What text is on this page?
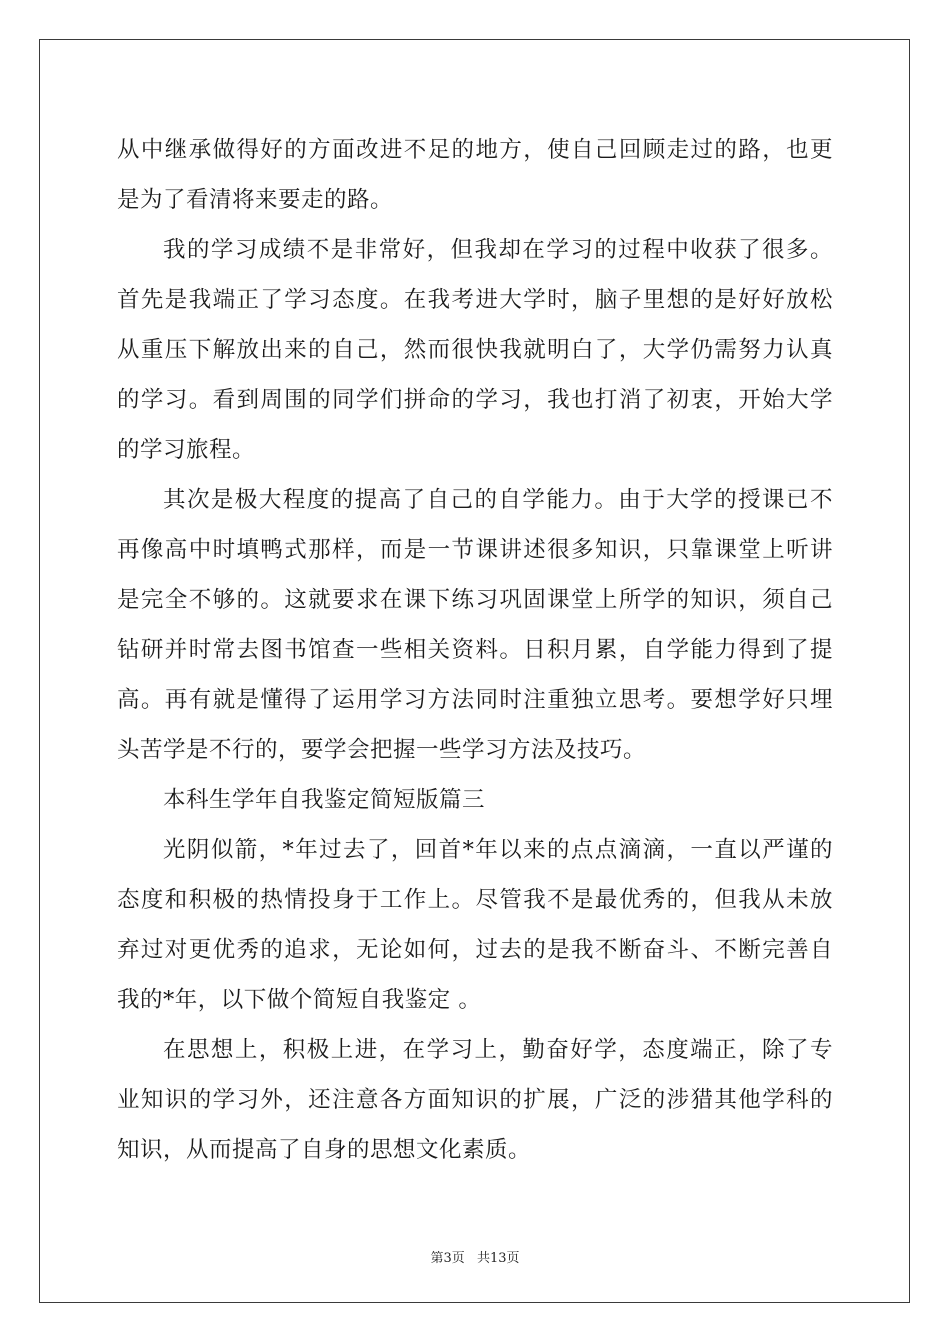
从中继承做得好的方面改进不足的地方，使自己回顾走过的路，也更
是为了看清将来要走的路。
我的学习成绩不是非常好，但我却在学习的过程中收获了很多。
首先是我端正了学习态度。在我考进大学时，脑子里想的是好好放松
从重压下解放出来的自己，然而很快我就明白了，大学仍需努力认真
的学习。看到周围的同学们拼命的学习，我也打消了初衷，开始大学
的学习旅程。
其次是极大程度的提高了自己的自学能力。由于大学的授课已不
再像高中时填鸭式那样，而是一节课讲述很多知识，只靠课堂上听讲
是完全不够的。这就要求在课下练习巩固课堂上所学的知识，须自己
钻研并时常去图书馆查一些相关资料。日积月累，自学能力得到了提
高。再有就是懂得了运用学习方法同时注重独立思考。要想学好只埋
头苦学是不行的，要学会把握一些学习方法及技巧。
本科生学年自我鉴定简短版篇三
光阴似箭，*年过去了，回首*年以来的点点滴滴，一直以严谨的
态度和积极的热情投身于工作上。尽管我不是最优秀的，但我从未放
弃过对更优秀的追求，无论如何，过去的是我不断奋斗、不断完善自
我的*年，以下做个简短自我鉴定 。
在思想上，积极上进，在学习上，勤奋好学，态度端正，除了专
业知识的学习外，还注意各方面知识的扩展，广泛的涉猎其他学科的
知识，从而提高了自身的思想文化素质。
第3页 共13页
